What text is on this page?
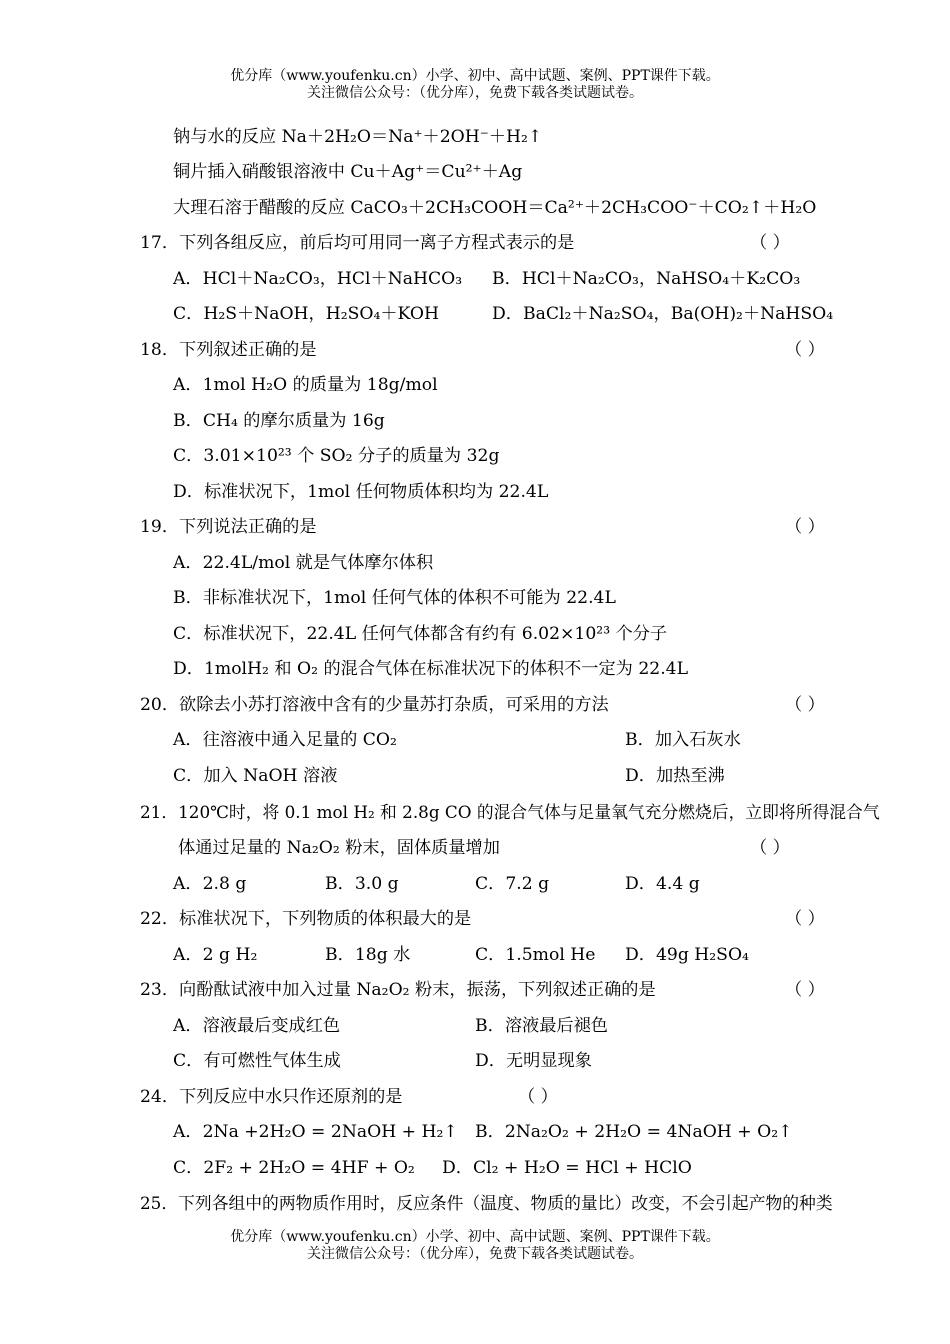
优分库（www.youfenku.cn）小学、初中、高中试题、案例、PPT课件下载。
关注微信公众号：（优分库），免费下载各类试题试卷。
钠与水的反应 Na＋2H₂O＝Na⁺＋2OH⁻＋H₂↑
铜片插入硝酸银溶液中 Cu＋Ag⁺＝Cu²⁺＋Ag
大理石溶于醋酸的反应 CaCO₃＋2CH₃COOH＝Ca²⁺＋2CH₃COO⁻＋CO₂↑＋H₂O
17．下列各组反应，前后均可用同一离子方程式表示的是	（ ）
A．HCl＋Na₂CO₃，HCl＋NaHCO₃ B．HCl＋Na₂CO₃，NaHSO₄＋K₂CO₃
C．H₂S＋NaOH，H₂SO₄＋KOH	D．BaCl₂＋Na₂SO₄，Ba(OH)₂＋NaHSO₄
18．下列叙述正确的是	（ ）
A．1mol H₂O 的质量为 18g/mol
B．CH₄ 的摩尔质量为 16g
C．3.01×10²³ 个 SO₂ 分子的质量为 32g
D．标准状况下，1mol 任何物质体积均为 22.4L
19．下列说法正确的是	（ ）
A．22.4L/mol 就是气体摩尔体积
B．非标准状况下，1mol 任何气体的体积不可能为 22.4L
C．标准状况下，22.4L 任何气体都含有约有 6.02×10²³ 个分子
D．1molH₂ 和 O₂ 的混合气体在标准状况下的体积不一定为 22.4L
20．欲除去小苏打溶液中含有的少量苏打杂质，可采用的方法	（ ）
A．往溶液中通入足量的 CO₂	B．加入石灰水
C．加入 NaOH 溶液	D．加热至沸
21．120℃时，将 0.1 mol H₂ 和 2.8g CO 的混合气体与足量氧气充分燃烧后，立即将所得混合气
体通过足量的 Na₂O₂ 粉末，固体质量增加	（ ）
A．2.8 g	B．3.0 g	C．7.2 g	D．4.4 g
22．标准状况下，下列物质的体积最大的是	（ ）
A．2 g H₂	B．18g 水	C．1.5mol He D．49g H₂SO₄
23．向酚酞试液中加入过量 Na₂O₂ 粉末，振荡，下列叙述正确的是	（ ）
A．溶液最后变成红色	B．溶液最后褪色
C．有可燃性气体生成	D．无明显现象
24．下列反应中水只作还原剂的是	（ ）
A．2Na +2H₂O = 2NaOH + H₂↑ B．2Na₂O₂ + 2H₂O = 4NaOH + O₂↑
C．2F₂ + 2H₂O = 4HF + O₂ D．Cl₂ + H₂O = HCl + HClO
25．下列各组中的两物质作用时，反应条件（温度、物质的量比）改变，不会引起产物的种类
优分库（www.youfenku.cn）小学、初中、高中试题、案例、PPT课件下载。
关注微信公众号：（优分库），免费下载各类试题试卷。
